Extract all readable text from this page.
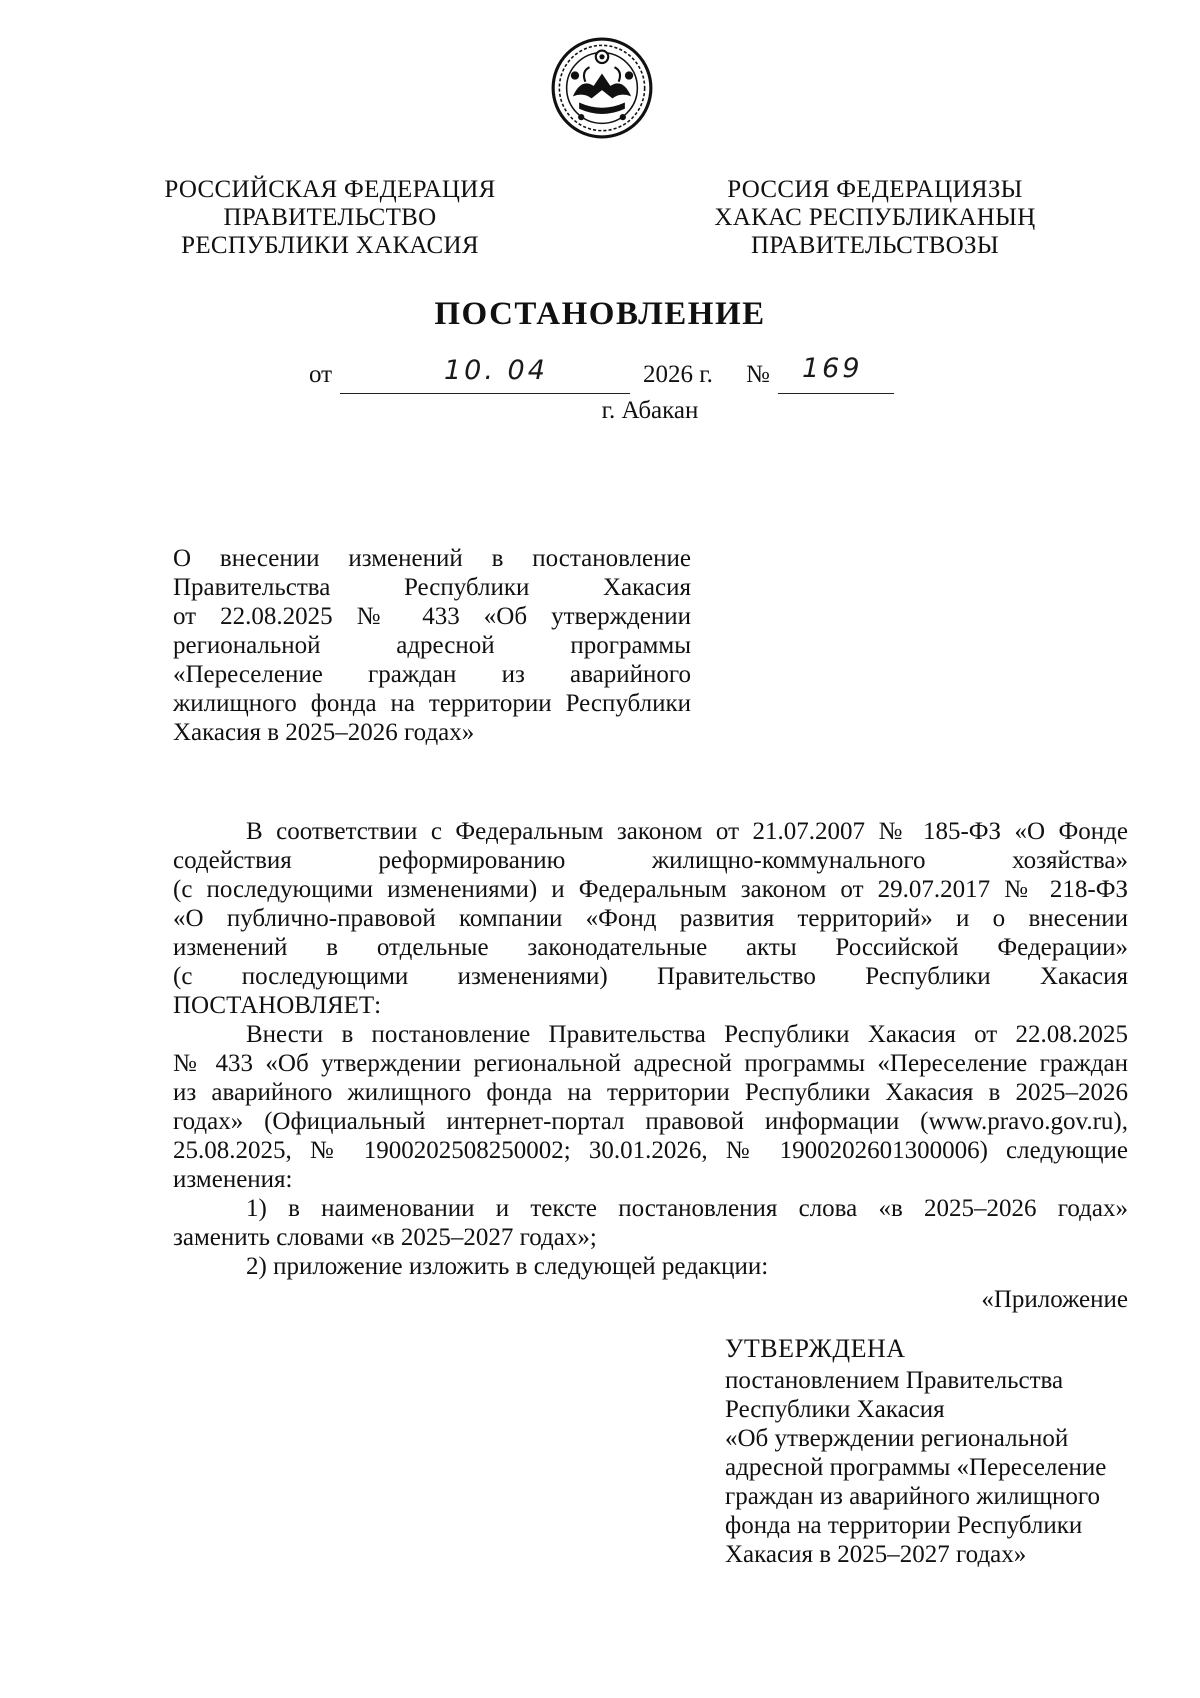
РОССИЙСКАЯ ФЕДЕРАЦИЯ
ПРАВИТЕЛЬСТВО
РЕСПУБЛИКИ ХАКАСИЯ
РОССИЯ ФЕДЕРАЦИЯЗЫ
ХАКАС РЕСПУБЛИКАНЫҢ
ПРАВИТЕЛЬСТВОЗЫ
ПОСТАНОВЛЕНИЕ
от	10. 04	2026 г. № 169
г. Абакан
О внесении изменений в постановление
Правительства Республики Хакасия
от 22.08.2025 № 433 «Об утверждении
региональной адресной программы
«Переселение граждан из аварийного
жилищного фонда на территории Республики
Хакасия в 2025–2026 годах»

В соответствии с Федеральным законом от 21.07.2007 № 185-ФЗ «О Фонде

содействия реформированию жилищно-коммунального хозяйства»

(с последующими изменениями) и Федеральным законом от 29.07.2017 № 218-ФЗ

«О публично-правовой компании «Фонд развития территорий» и о внесении

изменений в отдельные законодательные акты Российской Федерации»

(с последующими изменениями) Правительство Республики Хакасия

ПОСТАНОВЛЯЕТ:

Внести в постановление Правительства Республики Хакасия от 22.08.2025

№ 433 «Об утверждении региональной адресной программы «Переселение граждан

из аварийного жилищного фонда на территории Республики Хакасия в 2025–2026

годах» (Официальный интернет-портал правовой информации (www.pravo.gov.ru),

25.08.2025, № 1900202508250002; 30.01.2026, № 1900202601300006) следующие

изменения:

1) в наименовании и тексте постановления слова «в 2025–2026 годах»

заменить словами «в 2025–2027 годах»;

2) приложение изложить в следующей редакции:

«Приложение

УТВЕРЖДЕНА
постановлением Правительства
Республики Хакасия
«Об утверждении региональной
адресной программы «Переселение
граждан из аварийного жилищного
фонда на территории Республики
Хакасия в 2025–2027 годах»
